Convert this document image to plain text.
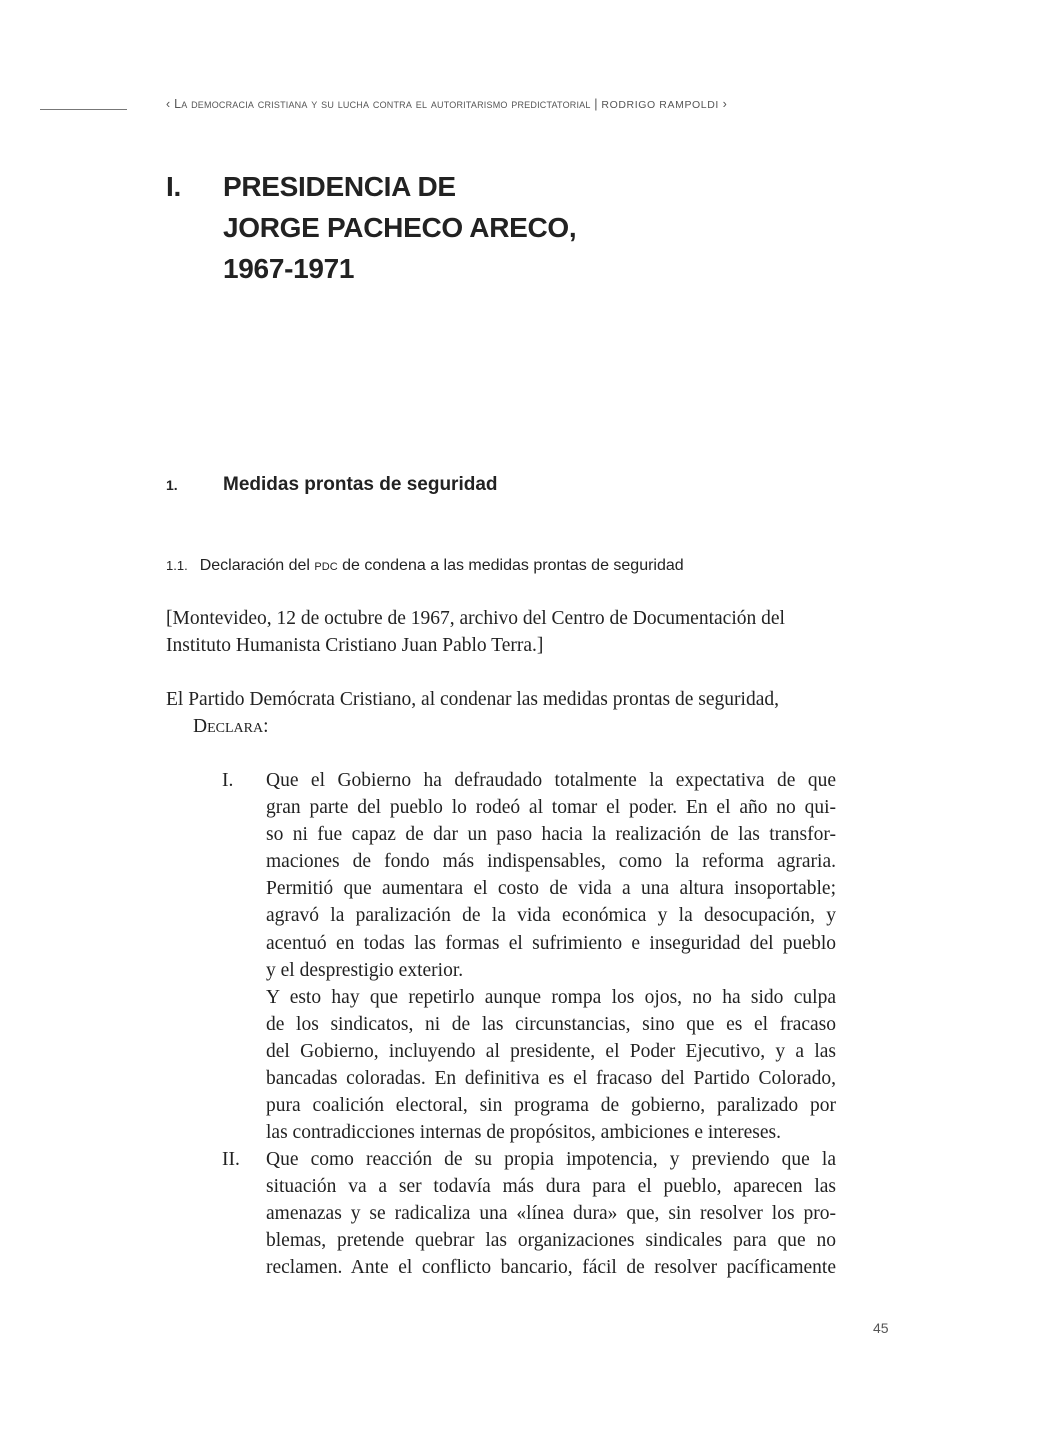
‹ La democracia cristiana y su lucha contra el autoritarismo predictatorial | RODRIGO RAMPOLDI ›
I. PRESIDENCIA DE
JORGE PACHECO ARECO,
1967-1971
1. Medidas prontas de seguridad
1.1. Declaración del pdc de condena a las medidas prontas de seguridad
[Montevideo, 12 de octubre de 1967, archivo del Centro de Documentación del
Instituto Humanista Cristiano Juan Pablo Terra.]
El Partido Demócrata Cristiano, al condenar las medidas prontas de seguridad,
Declara:
I. Que el Gobierno ha defraudado totalmente la expectativa de que
gran parte del pueblo lo rodeó al tomar el poder. En el año no qui-
so ni fue capaz de dar un paso hacia la realización de las transfor-
maciones de fondo más indispensables, como la reforma agraria.
Permitió que aumentara el costo de vida a una altura insoportable;
agravó la paralización de la vida económica y la desocupación, y
acentuó en todas las formas el sufrimiento e inseguridad del pueblo
y el desprestigio exterior.
Y esto hay que repetirlo aunque rompa los ojos, no ha sido culpa
de los sindicatos, ni de las circunstancias, sino que es el fracaso
del Gobierno, incluyendo al presidente, el Poder Ejecutivo, y a las
bancadas coloradas. En definitiva es el fracaso del Partido Colorado,
pura coalición electoral, sin programa de gobierno, paralizado por
las contradicciones internas de propósitos, ambiciones e intereses.
II. Que como reacción de su propia impotencia, y previendo que la
situación va a ser todavía más dura para el pueblo, aparecen las
amenazas y se radicaliza una «línea dura» que, sin resolver los pro-
blemas, pretende quebrar las organizaciones sindicales para que no
reclamen. Ante el conflicto bancario, fácil de resolver pacíficamente
45
